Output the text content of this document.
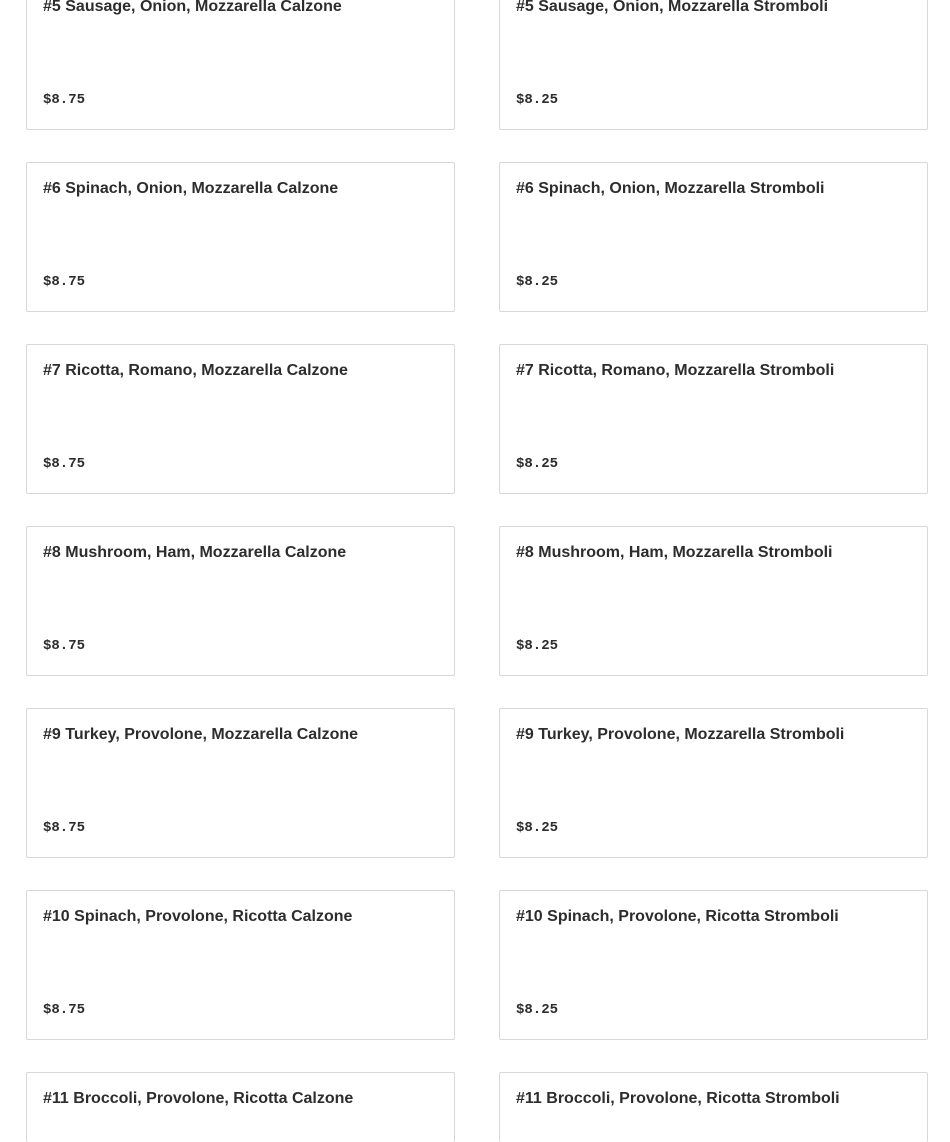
#5 Sausage, Onion, Mozzarella Calzone
$8.75
#5 Sausage, Onion, Mozzarella Stromboli
$8.25
#6 Spinach, Onion, Mozzarella Calzone
$8.75
#6 Spinach, Onion, Mozzarella Stromboli
$8.25
#7 Ricotta, Romano, Mozzarella Calzone
$8.75
#7 Ricotta, Romano, Mozzarella Stromboli
$8.25
#8 Mushroom, Ham, Mozzarella Calzone
$8.75
#8 Mushroom, Ham, Mozzarella Stromboli
$8.25
#9 Turkey, Provolone, Mozzarella Calzone
$8.75
#9 Turkey, Provolone, Mozzarella Stromboli
$8.25
#10 Spinach, Provolone, Ricotta Calzone
$8.75
#10 Spinach, Provolone, Ricotta Stromboli
$8.25
#11 Broccoli, Provolone, Ricotta Calzone	#11 Broccoli, Provolone, Ricotta Stromboli
